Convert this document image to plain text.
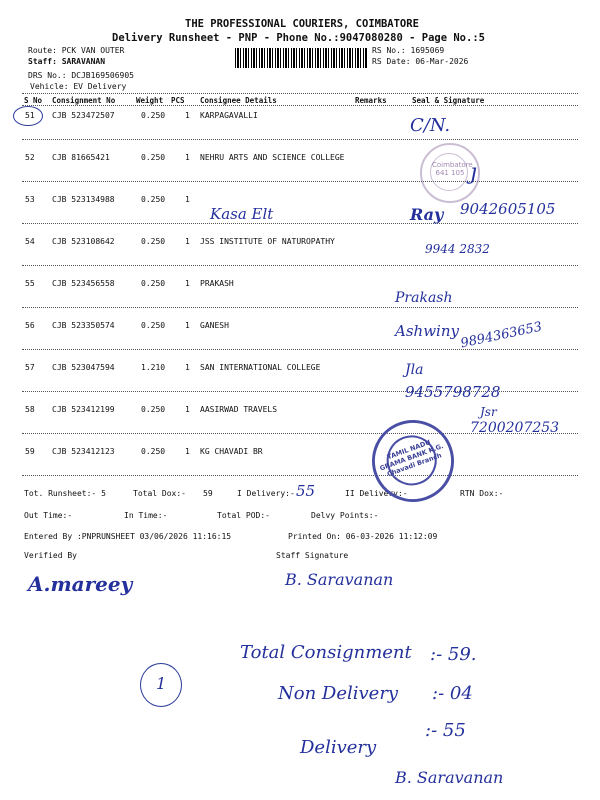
THE PROFESSIONAL COURIERS, COIMBATORE
Delivery Runsheet - PNP - Phone No.:9047080280 - Page No.:5
Route: PCK VAN OUTER
Staff: SARAVANAN
DRS No.: DCJB169506905
Vehicle: EV Delivery
RS No.: 1695069
RS Date: 06-Mar-2026
S No Consignment No	Weight PCS Consignee Details	Remarks	Seal & Signature
51 CJB 523472507	0.250 1 KARPAGAVALLI
52 CJB 81665421	0.250 1 NEHRU ARTS AND SCIENCE COLLEGE
53 CJB 523134988	0.250 1
54 CJB 523108642	0.250 1 JSS INSTITUTE OF NATUROPATHY
55 CJB 523456558	0.250 1 PRAKASH
56 CJB 523350574	0.250 1 GANESH
57 CJB 523047594	1.210 1 SAN INTERNATIONAL COLLEGE
58 CJB 523412199	0.250 1 AASIRWAD TRAVELS
59 CJB 523412123	0.250 1 KG CHAVADI BR
Tot. Runsheet:- 5	Total Dox:- 59	I Delivery:-	II Delivery:-	RTN Dox:-
Out Time:-	In Time:-	Total POD:-	Delvy Points:-
Entered By :PNPRUNSHEET 03/06/2026 11:16:15	Printed On: 06-03-2026 11:12:09
Verified By	Staff Signature
Coimbatore 641 105
TAMIL NADU GRAMA BANK K.G. Chavadi Branch
C/N.
ȷ
Kasa Elt	Ray 9042605105
9944 2832
Prakash
Ashwiny 9894363653
Jla
9455798728
Jsr
7200207253
55
A.mareey	B. Saravanan
1
Total Consignment :- 59.
Non Delivery :- 04
Delivery
:- 55
B. Saravanan
